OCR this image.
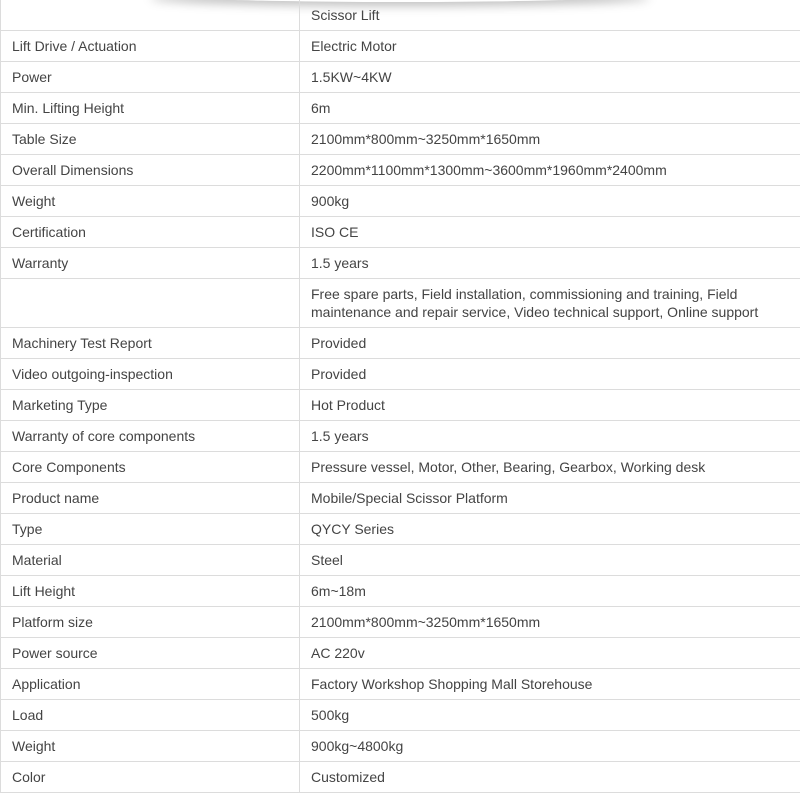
	Scissor Lift
Lift Drive / Actuation	Electric Motor
Power	1.5KW~4KW
Min. Lifting Height	6m
Table Size	2100mm*800mm~3250mm*1650mm
Overall Dimensions	2200mm*1100mm*1300mm~3600mm*1960mm*2400mm
Weight	900kg
Certification	ISO CE
Warranty	1.5 years
	Free spare parts, Field installation, commissioning and training, Field maintenance and repair service, Video technical support, Online support
Machinery Test Report	Provided
Video outgoing-inspection	Provided
Marketing Type	Hot Product
Warranty of core components	1.5 years
Core Components	Pressure vessel, Motor, Other, Bearing, Gearbox, Working desk
Product name	Mobile/Special Scissor Platform
Type	QYCY Series
Material	Steel
Lift Height	6m~18m
Platform size	2100mm*800mm~3250mm*1650mm
Power source	AC 220v
Application	Factory Workshop Shopping Mall Storehouse
Load	500kg
Weight	900kg~4800kg
Color	Customized
